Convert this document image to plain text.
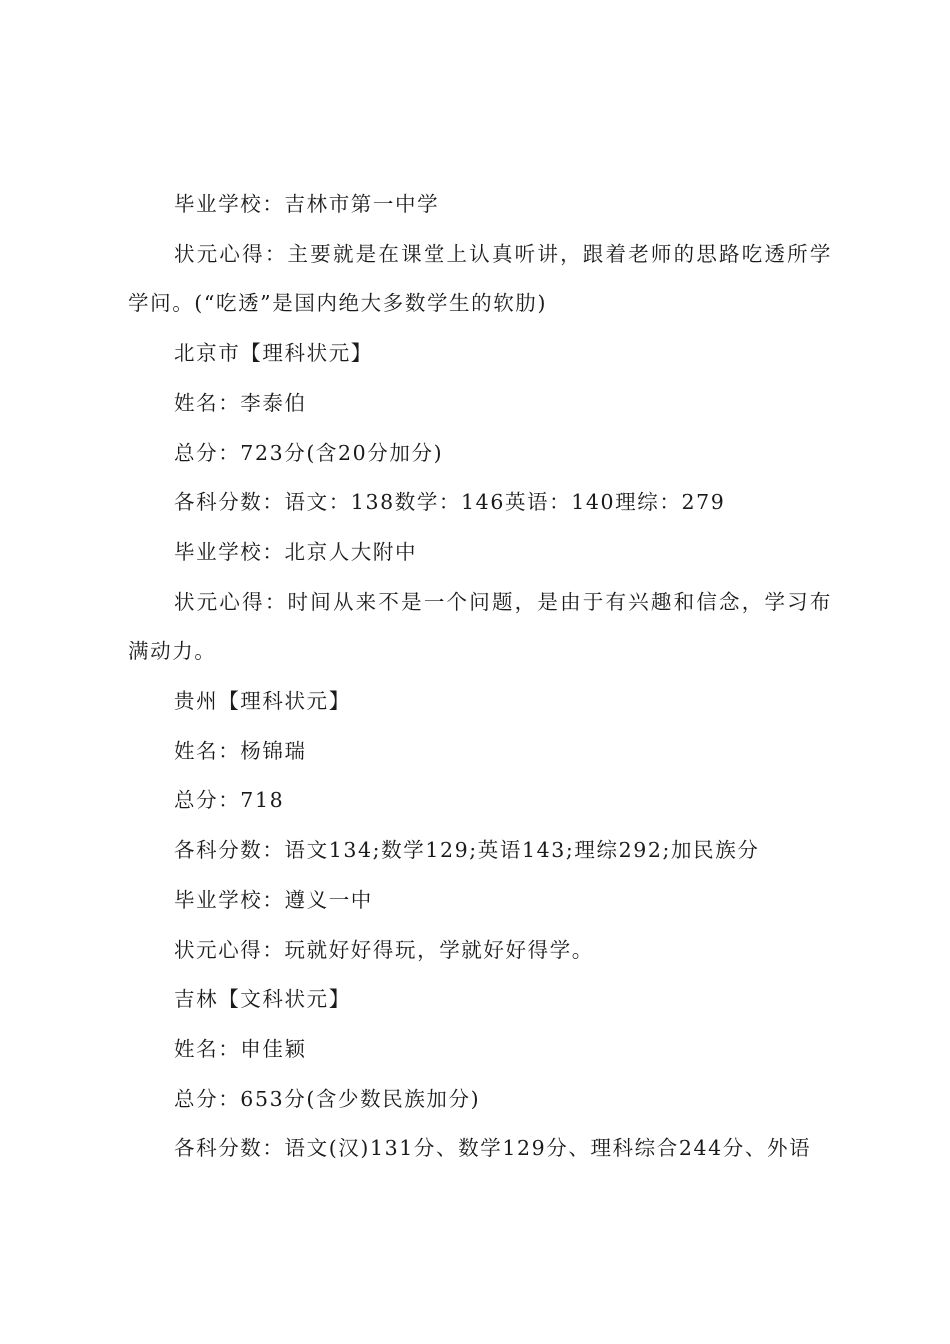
毕业学校：吉林市第一中学

状元心得：主要就是在课堂上认真听讲，跟着老师的思路吃透所学学问。(“吃透”是国内绝大多数学生的软肋)

北京市【理科状元】

姓名：李泰伯

总分：723分(含20分加分)

各科分数：语文：138数学：146英语：140理综：279

毕业学校：北京人大附中

状元心得：时间从来不是一个问题，是由于有兴趣和信念，学习布满动力。

贵州【理科状元】

姓名：杨锦瑞

总分：718

各科分数：语文134;数学129;英语143;理综292;加民族分

毕业学校：遵义一中

状元心得：玩就好好得玩，学就好好得学。

吉林【文科状元】

姓名：申佳颖

总分：653分(含少数民族加分)

各科分数：语文(汉)131分、数学129分、理科综合244分、外语
